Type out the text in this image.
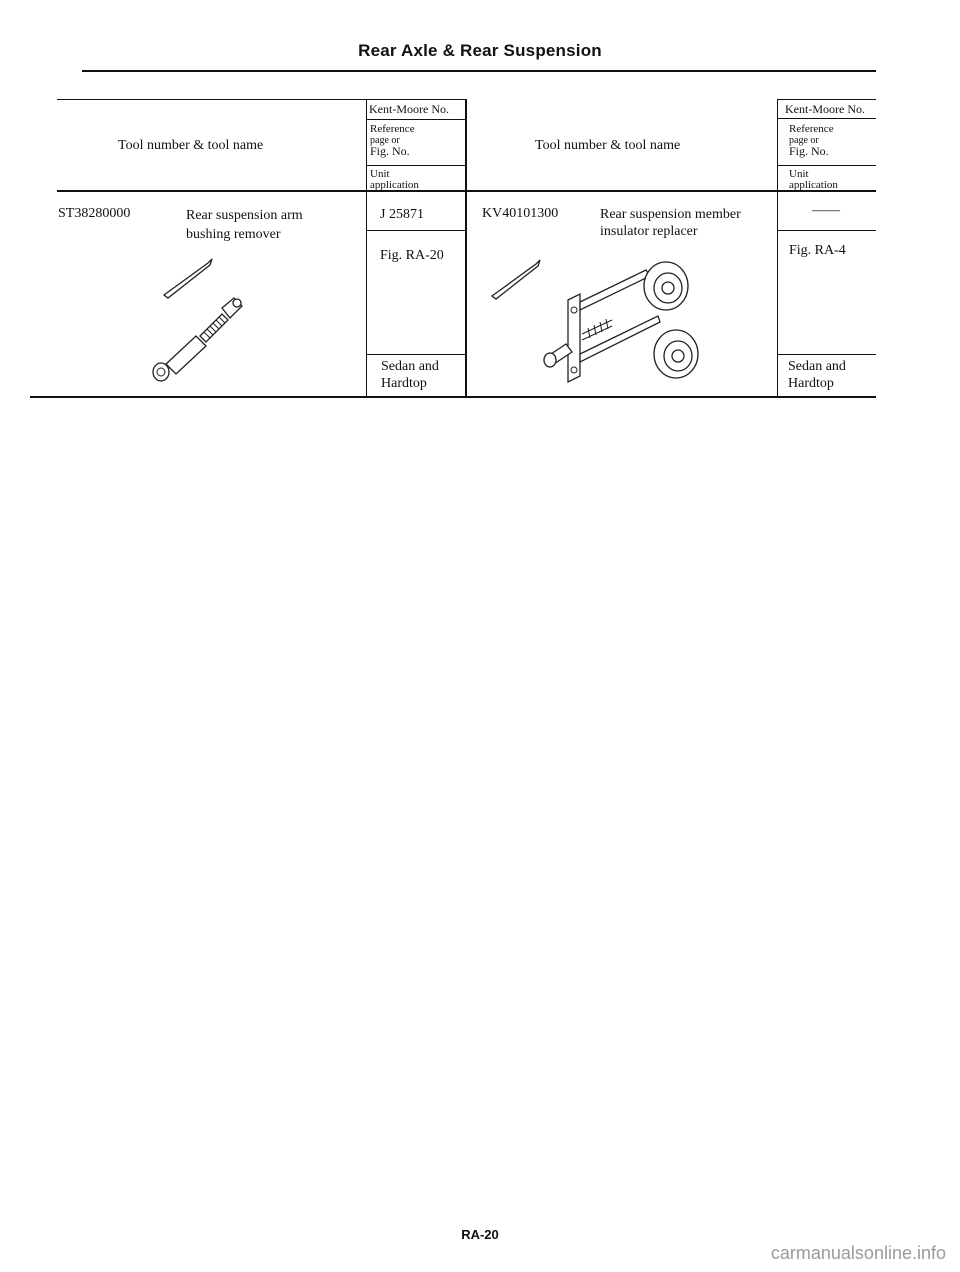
Rear Axle & Rear Suspension
Tool number & tool name
Kent-Moore No.
Reference
page or
Fig. No.
Unit
application
Tool number & tool name
Kent-Moore No.
Reference
page or
Fig. No.
Unit
application
ST38280000	Rear suspension arm
bushing remover
J 25871
Fig. RA-20
Sedan and
Hardtop
KV40101300	Rear suspension member
insulator replacer
——
Fig. RA-4
Sedan and
Hardtop
RA-20
carmanualsonline.info
